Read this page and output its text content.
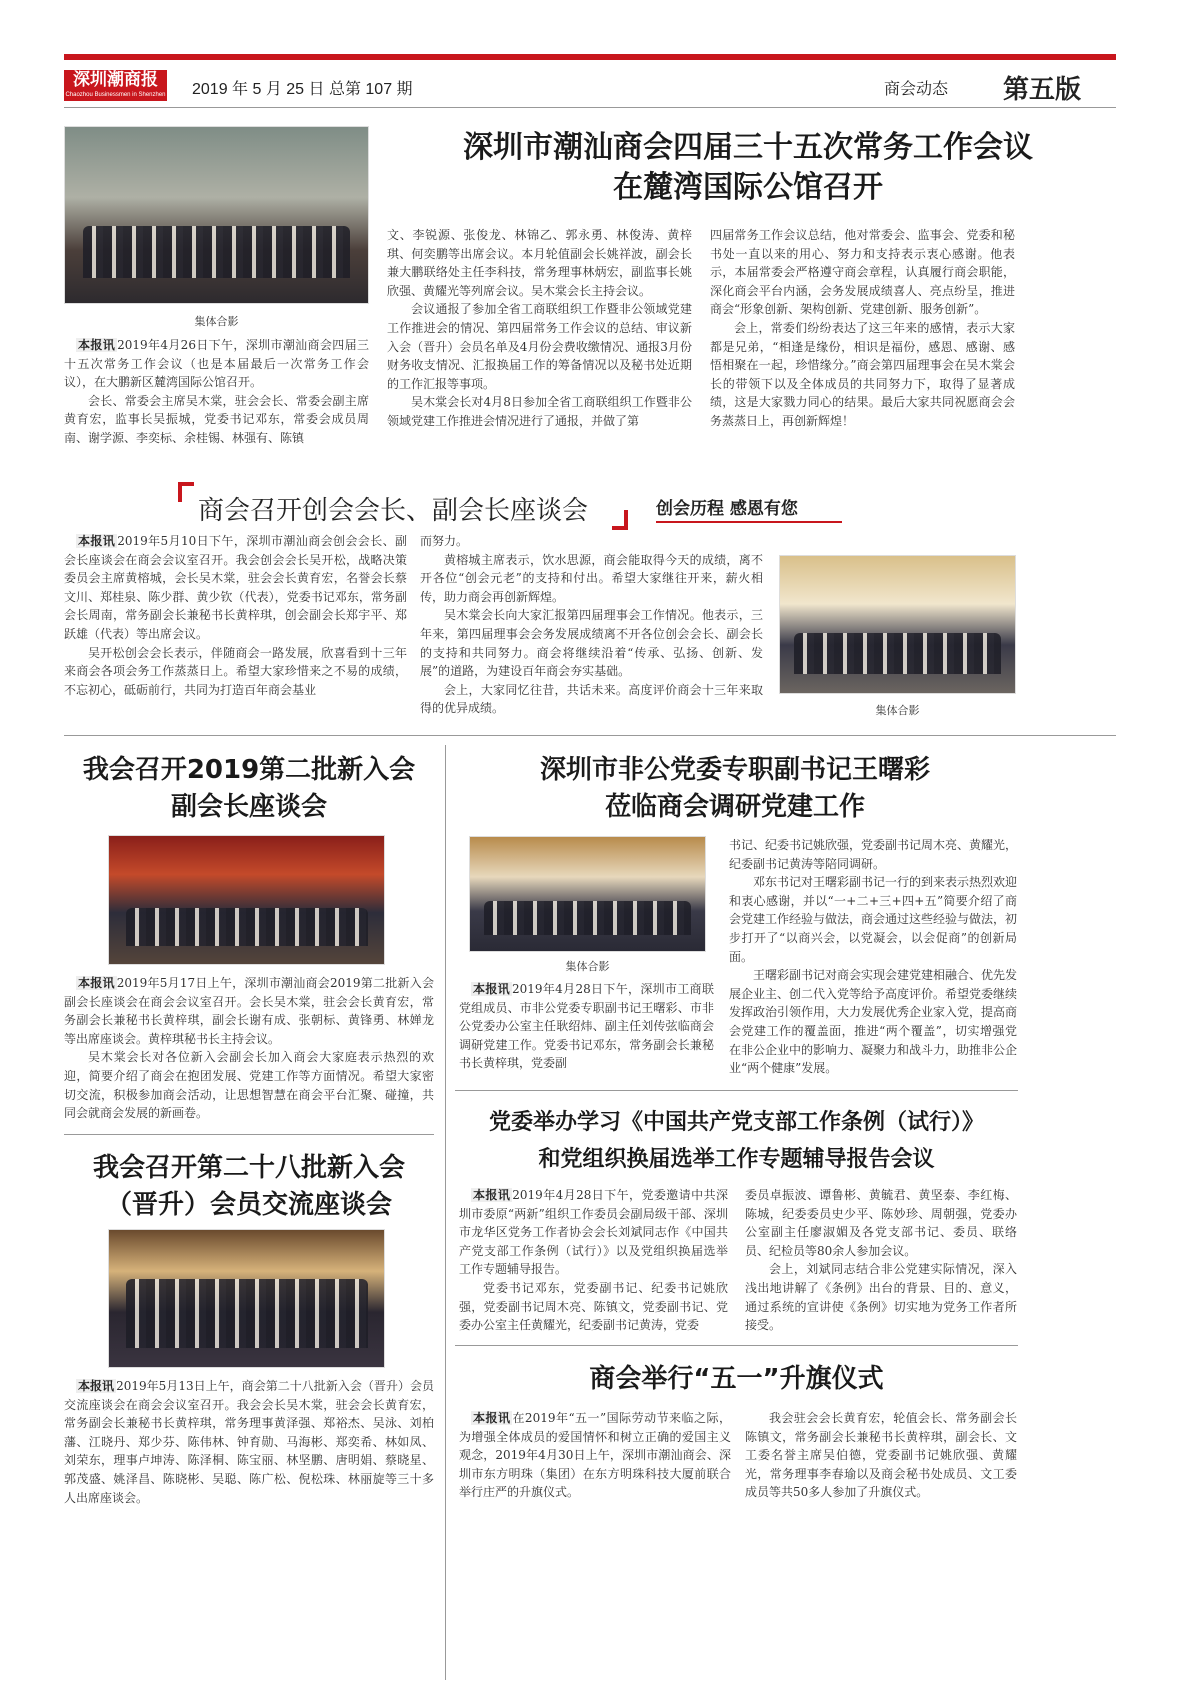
深圳潮商报
Chaozhou Businessmen in Shenzhen 2019 年 5 月 25 日 总第 107 期	商会动态 第五版
集体合影
深圳市潮汕商会四届三十五次常务工作会议
在麓湾国际公馆召开

本报讯 2019年4月26日下午，深圳市潮汕商会四届三十五次常务工作会议（也是本届最后一次常务工作会议），在大鹏新区麓湾国际公馆召开。

会长、常委会主席吴木棠，驻会会长、常委会副主席黄育宏，监事长吴振城，党委书记邓东，常委会成员周南、谢学源、李奕标、余桂锡、林强有、陈镇

文、李锐源、张俊龙、林锦乙、郭永勇、林俊涛、黄梓琪、何奕鹏等出席会议。本月轮值副会长姚祥波，副会长兼大鹏联络处主任李科技，常务理事林炳宏，副监事长姚欣强、黄耀光等列席会议。吴木棠会长主持会议。

会议通报了参加全省工商联组织工作暨非公领域党建工作推进会的情况、第四届常务工作会议的总结、审议新入会（晋升）会员名单及4月份会费收缴情况、通报3月份财务收支情况、汇报换届工作的筹备情况以及秘书处近期的工作汇报等事项。

吴木棠会长对4月8日参加全省工商联组织工作暨非公领域党建工作推进会情况进行了通报，并做了第

四届常务工作会议总结，他对常委会、监事会、党委和秘书处一直以来的用心、努力和支持表示衷心感谢。他表示，本届常委会严格遵守商会章程，认真履行商会职能，深化商会平台内涵，会务发展成绩喜人、亮点纷呈，推进商会“形象创新、架构创新、党建创新、服务创新”。

会上，常委们纷纷表达了这三年来的感情，表示大家都是兄弟，“相逢是缘份，相识是福份，感恩、感谢、感悟相聚在一起，珍惜缘分。”商会第四届理事会在吴木棠会长的带领下以及全体成员的共同努力下，取得了显著成绩，这是大家戮力同心的结果。最后大家共同祝愿商会会务蒸蒸日上，再创新辉煌！

商会召开创会会长、副会长座谈会	创会历程 感恩有您

本报讯 2019年5月10日下午，深圳市潮汕商会创会会长、副会长座谈会在商会会议室召开。我会创会会长吴开松，战略决策委员会主席黄榕城，会长吴木棠，驻会会长黄育宏，名誉会长蔡文川、郑桂泉、陈少群、黄少钦（代表），党委书记邓东，常务副会长周南，常务副会长兼秘书长黄梓琪，创会副会长郑宇平、郑跃雄（代表）等出席会议。

吴开松创会会长表示，伴随商会一路发展，欣喜看到十三年来商会各项会务工作蒸蒸日上。希望大家珍惜来之不易的成绩，不忘初心，砥砺前行，共同为打造百年商会基业

而努力。

黄榕城主席表示，饮水思源，商会能取得今天的成绩，离不开各位“创会元老”的支持和付出。希望大家继往开来，薪火相传，助力商会再创新辉煌。

吴木棠会长向大家汇报第四届理事会工作情况。他表示，三年来，第四届理事会会务发展成绩离不开各位创会会长、副会长的支持和共同努力。商会将继续沿着“传承、弘扬、创新、发展”的道路，为建设百年商会夯实基础。

会上，大家同忆往昔，共话未来。高度评价商会十三年来取得的优异成绩。	集体合影
我会召开2019第二批新入会
副会长座谈会

本报讯 2019年5月17日上午，深圳市潮汕商会2019第二批新入会副会长座谈会在商会会议室召开。会长吴木棠，驻会会长黄育宏，常务副会长兼秘书长黄梓琪，副会长谢有成、张朝标、黄锋勇、林婵龙等出席座谈会。黄梓琪秘书长主持会议。

吴木棠会长对各位新入会副会长加入商会大家庭表示热烈的欢迎，简要介绍了商会在抱团发展、党建工作等方面情况。希望大家密切交流，积极参加商会活动，让思想智慧在商会平台汇聚、碰撞，共同会就商会发展的新画卷。

我会召开第二十八批新入会
（晋升）会员交流座谈会

本报讯 2019年5月13日上午，商会第二十八批新入会（晋升）会员交流座谈会在商会会议室召开。我会会长吴木棠，驻会会长黄育宏，常务副会长兼秘书长黄梓琪，常务理事黄泽强、郑裕杰、吴泳、刘柏藩、江晓丹、郑少芬、陈伟林、钟育勋、马海彬、郑奕希、林如凤、刘荣东，理事卢坤涛、陈泽桐、陈宝丽、林坚鹏、唐明娟、蔡晓星、郭茂盛、姚泽昌、陈晓彬、吴聪、陈广松、倪松珠、林丽旋等三十多人出席座谈会。

深圳市非公党委专职副书记王曙彩
莅临商会调研党建工作
集体合影

本报讯 2019年4月28日下午，深圳市工商联党组成员、市非公党委专职副书记王曙彩、市非公党委办公室主任耿绍炜、副主任刘传弦临商会调研党建工作。党委书记邓东，常务副会长兼秘书长黄梓琪，党委副

书记、纪委书记姚欣强，党委副书记周木亮、黄耀光，纪委副书记黄涛等陪同调研。

邓东书记对王曙彩副书记一行的到来表示热烈欢迎和衷心感谢，并以“一+二+三+四+五”简要介绍了商会党建工作经验与做法，商会通过这些经验与做法，初步打开了“以商兴会，以党凝会，以会促商”的创新局面。

王曙彩副书记对商会实现会建党建相融合、优先发展企业主、创二代入党等给予高度评价。希望党委继续发挥政治引领作用，大力发展优秀企业家入党，提高商会党建工作的覆盖面，推进“两个覆盖”，切实增强党在非公企业中的影响力、凝聚力和战斗力，助推非公企业“两个健康”发展。

党委举办学习《中国共产党支部工作条例（试行）》
和党组织换届选举工作专题辅导报告会议

本报讯 2019年4月28日下午，党委邀请中共深圳市委原“两新”组织工作委员会副局级干部、深圳市龙华区党务工作者协会会长刘斌同志作《中国共产党支部工作条例（试行）》以及党组织换届选举工作专题辅导报告。

党委书记邓东，党委副书记、纪委书记姚欣强，党委副书记周木亮、陈镇文，党委副书记、党委办公室主任黄耀光，纪委副书记黄涛，党委

委员卓振波、谭鲁彬、黄毓君、黄坚泰、李红梅、陈城，纪委委员史少平、陈妙珍、周朝强，党委办公室副主任廖淑媚及各党支部书记、委员、联络员、纪检员等80余人参加会议。

会上，刘斌同志结合非公党建实际情况，深入浅出地讲解了《条例》出台的背景、目的、意义，通过系统的宣讲使《条例》切实地为党务工作者所接受。

商会举行“五一”升旗仪式

本报讯 在2019年“五一”国际劳动节来临之际，为增强全体成员的爱国情怀和树立正确的爱国主义观念，2019年4月30日上午，深圳市潮汕商会、深圳市东方明珠（集团）在东方明珠科技大厦前联合举行庄严的升旗仪式。

我会驻会会长黄育宏，轮值会长、常务副会长陈镇文，常务副会长兼秘书长黄梓琪，副会长、文工委名誉主席吴伯德，党委副书记姚欣强、黄耀光，常务理事李春瑜以及商会秘书处成员、文工委成员等共50多人参加了升旗仪式。
